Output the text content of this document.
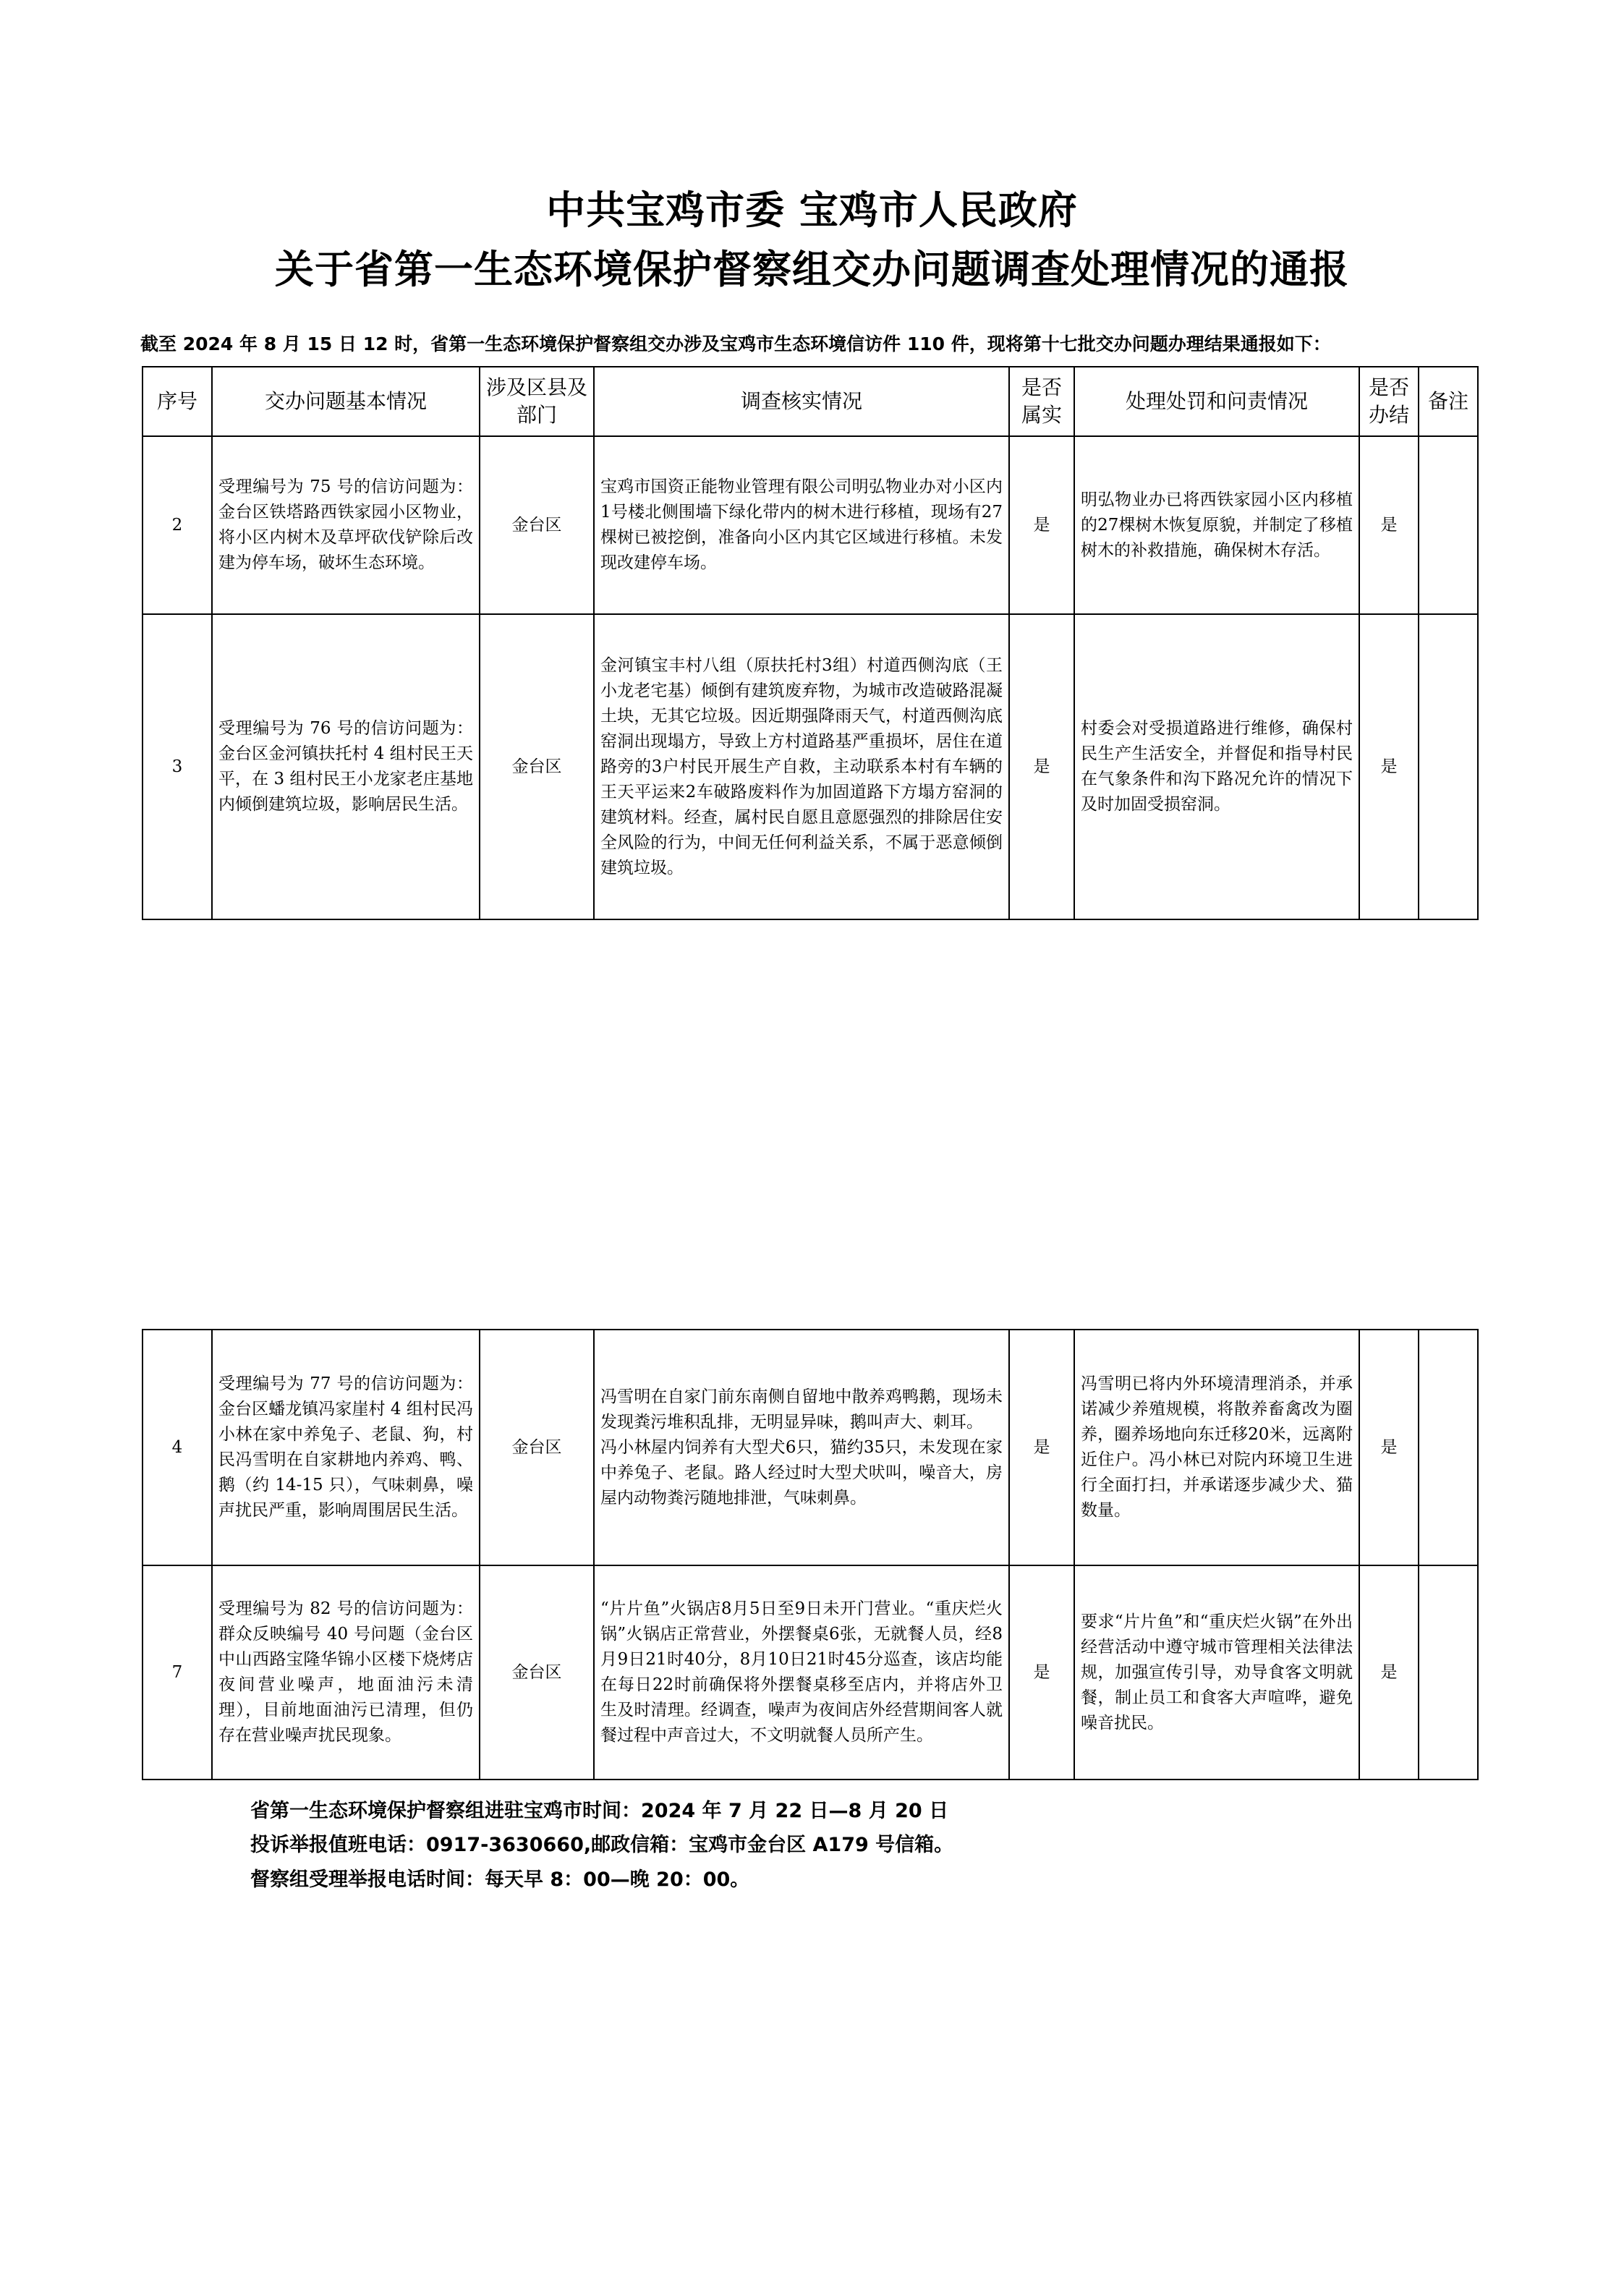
中共宝鸡市委 宝鸡市人民政府
关于省第一生态环境保护督察组交办问题调查处理情况的通报
截至 2024 年 8 月 15 日 12 时，省第一生态环境保护督察组交办涉及宝鸡市生态环境信访件 110 件，现将第十七批交办问题办理结果通报如下：
序号	交办问题基本情况	涉及区县及部门	调查核实情况	是否属实	处理处罚和问责情况	是否办结	备注
2	受理编号为 75 号的信访问题为：金台区铁塔路西铁家园小区物业，将小区内树木及草坪砍伐铲除后改建为停车场，破坏生态环境。	金台区	宝鸡市国资正能物业管理有限公司明弘物业办对小区内1号楼北侧围墙下绿化带内的树木进行移植，现场有27棵树已被挖倒，准备向小区内其它区域进行移植。未发现改建停车场。	是	明弘物业办已将西铁家园小区内移植的27棵树木恢复原貌，并制定了移植树木的补救措施，确保树木存活。	是	
3	受理编号为 76 号的信访问题为：金台区金河镇扶托村 4 组村民王天平，在 3 组村民王小龙家老庄基地内倾倒建筑垃圾，影响居民生活。	金台区	金河镇宝丰村八组（原扶托村3组）村道西侧沟底（王小龙老宅基）倾倒有建筑废弃物，为城市改造破路混凝土块，无其它垃圾。因近期强降雨天气，村道西侧沟底窑洞出现塌方，导致上方村道路基严重损坏，居住在道路旁的3户村民开展生产自救，主动联系本村有车辆的王天平运来2车破路废料作为加固道路下方塌方窑洞的建筑材料。经查，属村民自愿且意愿强烈的排除居住安全风险的行为，中间无任何利益关系，不属于恶意倾倒建筑垃圾。	是	村委会对受损道路进行维修，确保村民生产生活安全，并督促和指导村民在气象条件和沟下路况允许的情况下及时加固受损窑洞。	是	
4	受理编号为 77 号的信访问题为：金台区蟠龙镇冯家崖村 4 组村民冯小林在家中养兔子、老鼠、狗，村民冯雪明在自家耕地内养鸡、鸭、鹅（约 14-15 只），气味刺鼻，噪声扰民严重，影响周围居民生活。	金台区	冯雪明在自家门前东南侧自留地中散养鸡鸭鹅，现场未发现粪污堆积乱排，无明显异味，鹅叫声大、刺耳。
冯小林屋内饲养有大型犬6只，猫约35只，未发现在家中养兔子、老鼠。路人经过时大型犬吠叫，噪音大，房屋内动物粪污随地排泄，气味刺鼻。	是	冯雪明已将内外环境清理消杀，并承诺减少养殖规模，将散养畜禽改为圈养，圈养场地向东迁移20米，远离附近住户。冯小林已对院内环境卫生进行全面打扫，并承诺逐步减少犬、猫数量。	是	
7	受理编号为 82 号的信访问题为：群众反映编号 40 号问题（金台区中山西路宝隆华锦小区楼下烧烤店夜间营业噪声，地面油污未清理），目前地面油污已清理，但仍存在营业噪声扰民现象。	金台区	“片片鱼”火锅店8月5日至9日未开门营业。“重庆烂火锅”火锅店正常营业，外摆餐桌6张，无就餐人员，经8月9日21时40分，8月10日21时45分巡查，该店均能在每日22时前确保将外摆餐桌移至店内，并将店外卫生及时清理。经调查，噪声为夜间店外经营期间客人就餐过程中声音过大，不文明就餐人员所产生。	是	要求“片片鱼”和“重庆烂火锅”在外出经营活动中遵守城市管理相关法律法规，加强宣传引导，劝导食客文明就餐，制止员工和食客大声喧哗，避免噪音扰民。	是	
省第一生态环境保护督察组进驻宝鸡市时间：2024 年 7 月 22 日—8 月 20 日
投诉举报值班电话：0917-3630660,邮政信箱：宝鸡市金台区 A179 号信箱。
督察组受理举报电话时间：每天早 8：00—晚 20：00。
